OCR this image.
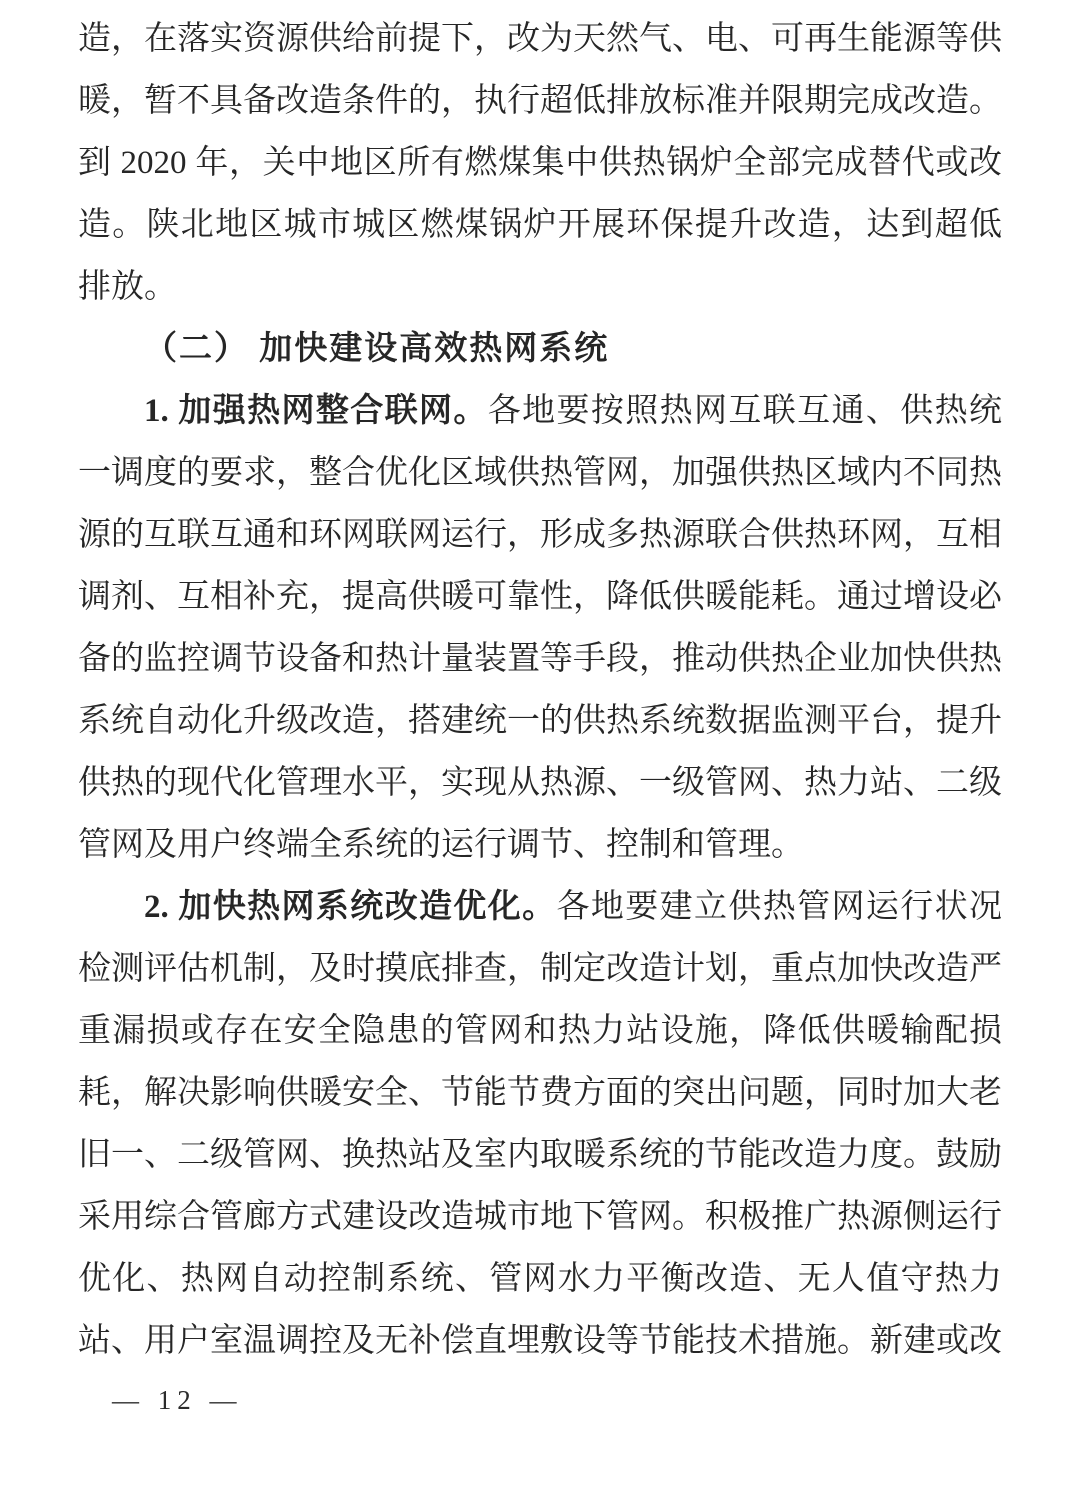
造，在落实资源供给前提下，改为天然气、电、可再生能源等供
暖，暂不具备改造条件的，执行超低排放标准并限期完成改造。
到 2020 年，关中地区所有燃煤集中供热锅炉全部完成替代或改
造。陕北地区城市城区燃煤锅炉开展环保提升改造，达到超低
排放。
（二） 加快建设高效热网系统
1. 加强热网整合联网。各地要按照热网互联互通、供热统
一调度的要求，整合优化区域供热管网，加强供热区域内不同热
源的互联互通和环网联网运行，形成多热源联合供热环网，互相
调剂、互相补充，提高供暖可靠性，降低供暖能耗。通过增设必
备的监控调节设备和热计量装置等手段，推动供热企业加快供热
系统自动化升级改造，搭建统一的供热系统数据监测平台，提升
供热的现代化管理水平，实现从热源、一级管网、热力站、二级
管网及用户终端全系统的运行调节、控制和管理。
2. 加快热网系统改造优化。各地要建立供热管网运行状况
检测评估机制，及时摸底排查，制定改造计划，重点加快改造严
重漏损或存在安全隐患的管网和热力站设施，降低供暖输配损
耗，解决影响供暖安全、节能节费方面的突出问题，同时加大老
旧一、二级管网、换热站及室内取暖系统的节能改造力度。鼓励
采用综合管廊方式建设改造城市地下管网。积极推广热源侧运行
优化、热网自动控制系统、管网水力平衡改造、无人值守热力
站、用户室温调控及无补偿直埋敷设等节能技术措施。新建或改
— 12 —
